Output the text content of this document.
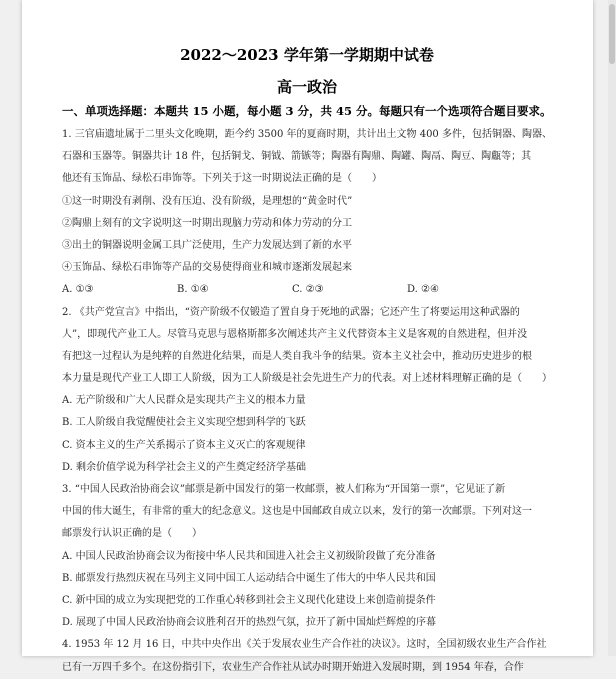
2022～2023 学年第一学期期中试卷
高一政治
一、单项选择题：本题共 15 小题，每小题 3 分，共 45 分。每题只有一个选项符合题目要求。
1. 三官庙遗址属于二里头文化晚期，距今约 3500 年的夏商时期，共计出土文物 400 多件，包括铜器、陶器、
石器和玉器等。铜器共计 18 件，包括铜戈、铜钺、箭镞等；陶器有陶鼎、陶罐、陶鬲、陶豆、陶甗等；其
他还有玉饰品、绿松石串饰等。下列关于这一时期说法正确的是（　　）
①这一时期没有剥削、没有压迫、没有阶级，是理想的“黄金时代”
②陶鼎上刻有的文字说明这一时期出现脑力劳动和体力劳动的分工
③出土的铜器说明金属工具广泛使用，生产力发展达到了新的水平
④玉饰品、绿松石串饰等产品的交易使得商业和城市逐渐发展起来
A. ①③	B. ①④	C. ②③	D. ②④
2. 《共产党宣言》中指出，“资产阶级不仅锻造了置自身于死地的武器；它还产生了将要运用这种武器的
人”，即现代产业工人。尽管马克思与恩格斯都多次阐述共产主义代替资本主义是客观的自然进程，但并没
有把这一过程认为是纯粹的自然进化结果，而是人类自我斗争的结果。资本主义社会中，推动历史进步的根
本力量是现代产业工人即工人阶级，因为工人阶级是社会先进生产力的代表。对上述材料理解正确的是（　　）
A. 无产阶级和广大人民群众是实现共产主义的根本力量
B. 工人阶级自我觉醒使社会主义实现空想到科学的飞跃
C. 资本主义的生产关系揭示了资本主义灭亡的客观规律
D. 剩余价值学说为科学社会主义的产生奠定经济学基础
3. “中国人民政治协商会议”邮票是新中国发行的第一枚邮票，被人们称为“开国第一票”，它见证了新
中国的伟大诞生，有非常的重大的纪念意义。这也是中国邮政自成立以来，发行的第一次邮票。下列对这一
邮票发行认识正确的是（　　）
A. 中国人民政治协商会议为衔接中华人民共和国进入社会主义初级阶段做了充分准备
B. 邮票发行热烈庆祝在马列主义同中国工人运动结合中诞生了伟大的中华人民共和国
C. 新中国的成立为实现把党的工作重心转移到社会主义现代化建设上来创造前提条件
D. 展现了中国人民政治协商会议胜利召开的热烈气氛，拉开了新中国灿烂辉煌的序幕
4. 1953 年 12 月 16 日，中共中央作出《关于发展农业生产合作社的决议》。这时，全国初级农业生产合作社
已有一万四千多个。在这份指引下，农业生产合作社从试办时期开始进入发展时期，到 1954 年春，合作
